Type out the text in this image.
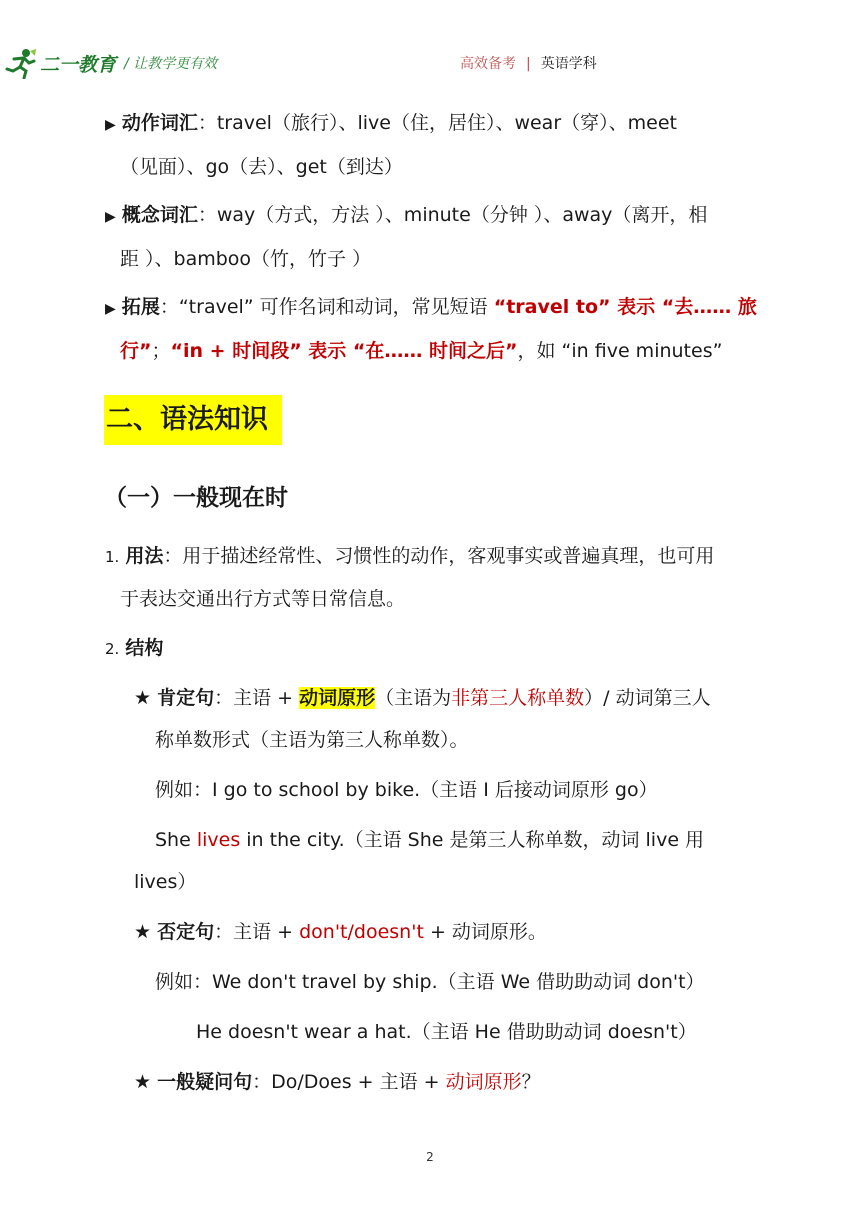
二一教育 / 让教学更有效	高效备考 | 英语学科
▶ 动作词汇：travel（旅行）、live（住，居住）、wear（穿）、meet
（见面）、go（去）、get（到达）
▶ 概念词汇：way（方式，方法 ）、minute（分钟 ）、away（离开，相
距 ）、bamboo（竹，竹子 ）
▶ 拓展：“travel” 可作名词和动词，常见短语 “travel to” 表示 “去…… 旅
行”；“in + 时间段” 表示 “在…… 时间之后”，如 “in five minutes”
二、语法知识
（一）一般现在时
1. 用法：用于描述经常性、习惯性的动作，客观事实或普遍真理，也可用
于表达交通出行方式等日常信息。
2. 结构
★ 肯定句：主语 + 动词原形（主语为非第三人称单数）/ 动词第三人
称单数形式（主语为第三人称单数）。
例如：I go to school by bike.（主语 I 后接动词原形 go）
She lives in the city.（主语 She 是第三人称单数，动词 live 用
lives）
★ 否定句：主语 + don't/doesn't + 动词原形。
例如：We don't travel by ship.（主语 We 借助助动词 don't）
He doesn't wear a hat.（主语 He 借助助动词 doesn't）
★ 一般疑问句：Do/Does + 主语 + 动词原形？
2
